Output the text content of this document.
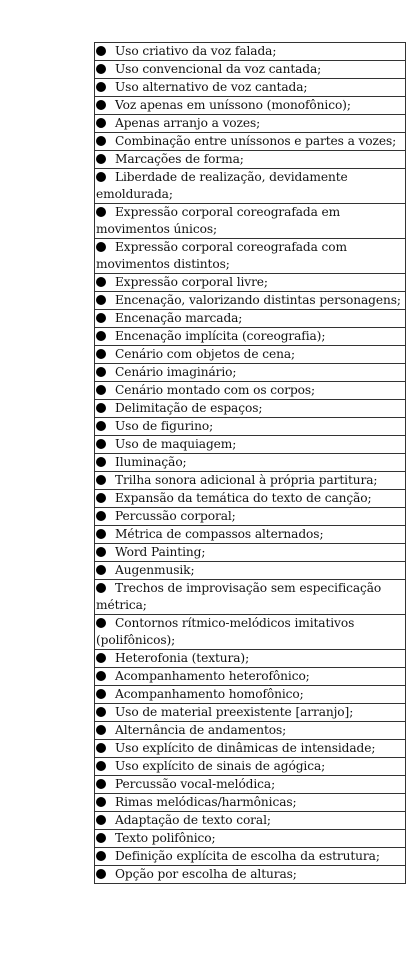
Uso criativo da voz falada;
Uso convencional da voz cantada;
Uso alternativo de voz cantada;
Voz apenas em uníssono (monofônico);
Apenas arranjo a vozes;
Combinação entre uníssonos e partes a vozes;
Marcações de forma;
Liberdade de realização, devidamente emoldurada;
Expressão corporal coreografada em movimentos únicos;
Expressão corporal coreografada com movimentos distintos;
Expressão corporal livre;
Encenação, valorizando distintas personagens;
Encenação marcada;
Encenação implícita (coreografia);
Cenário com objetos de cena;
Cenário imaginário;
Cenário montado com os corpos;
Delimitação de espaços;
Uso de figurino;
Uso de maquiagem;
Iluminação;
Trilha sonora adicional à própria partitura;
Expansão da temática do texto de canção;
Percussão corporal;
Métrica de compassos alternados;
Word Painting;
Augenmusik;
Trechos de improvisação sem especificação métrica;
Contornos rítmico-melódicos imitativos (polifônicos);
Heterofonia (textura);
Acompanhamento heterofônico;
Acompanhamento homofônico;
Uso de material preexistente [arranjo];
Alternância de andamentos;
Uso explícito de dinâmicas de intensidade;
Uso explícito de sinais de agógica;
Percussão vocal-melódica;
Rimas melódicas/harmônicas;
Adaptação de texto coral;
Texto polifônico;
Definição explícita de escolha da estrutura;
Opção por escolha de alturas;
